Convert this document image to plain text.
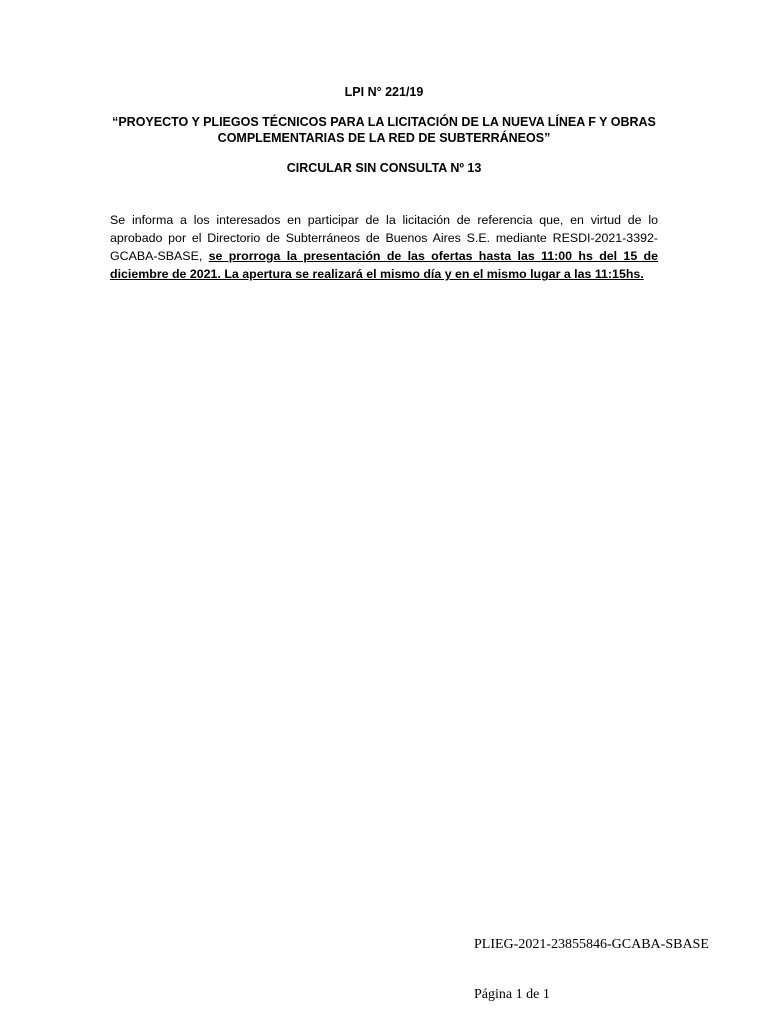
LPI N° 221/19
“PROYECTO Y PLIEGOS TÉCNICOS PARA LA LICITACIÓN DE LA NUEVA LÍNEA F Y OBRAS
COMPLEMENTARIAS DE LA RED DE SUBTERRÁNEOS”
CIRCULAR SIN CONSULTA Nº 13
Se informa a los interesados en participar de la licitación de referencia que, en virtud de lo aprobado por el Directorio de Subterráneos de Buenos Aires S.E. mediante RESDI-2021-3392-GCABA-SBASE, se prorroga la presentación de las ofertas hasta las 11:00 hs del 15 de diciembre de 2021. La apertura se realizará el mismo día y en el mismo lugar a las 11:15hs.
PLIEG-2021-23855846-GCABA-SBASE
Página 1 de 1
